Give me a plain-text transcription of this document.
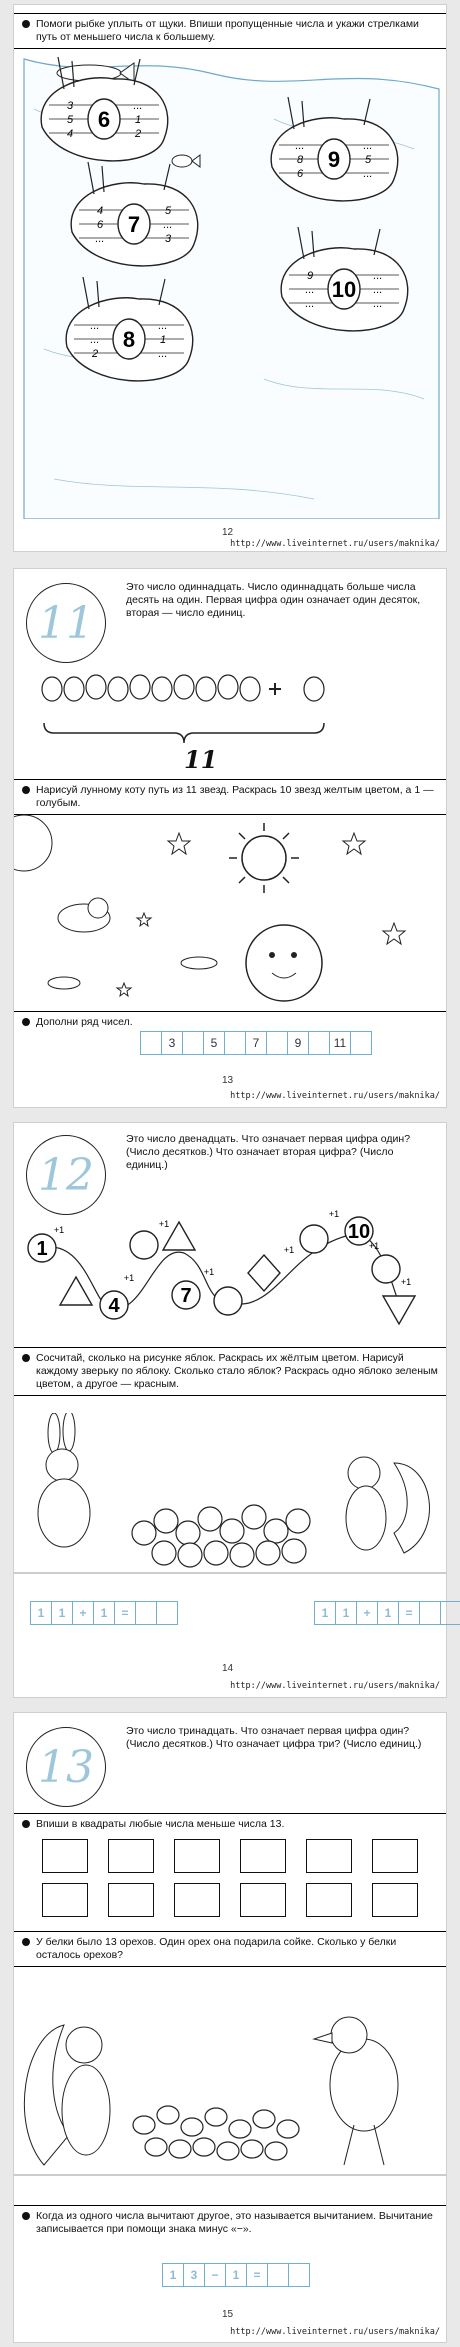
Помоги рыбке уплыть от щуки. Впиши пропущенные числа и укажи стрелками путь от меньшего числа к большему.
6
3
5
4
...
1
2
9
...
8
6
...
5
...
7
4
6
...
5
...
3
10
9
...
...
...
...
...
8
...
...
2
...
1
...
12
http://www.liveinternet.ru/users/maknika/
11
Это число одиннадцать. Число одиннадцать больше числа десять на один. Первая цифра один означает один десяток, вторая — число единиц.
11
Нарисуй лунному коту путь из 11 звезд. Раскрась 10 звезд желтым цветом, а 1 — голубым.
Дополни ряд чисел.
3	5	7	9	11
13
http://www.liveinternet.ru/users/maknika/
12
Это число двенадцать. Что означает первая цифра один? (Число десятков.) Что означает вторая цифра? (Число единиц.)
1
4	7
10
+1
+1
+1
+1
+1
+1
+1
+1
Сосчитай, сколько на рисунке яблок. Раскрась их жёлтым цветом. Нарисуй каждому зверьку по яблоку. Сколько стало яблок? Раскрась одно яблоко зеленым цветом, а другое — красным.
1	1	+	1	=	1	1	+	1	=
14
http://www.liveinternet.ru/users/maknika/
13
Это число тринадцать. Что означает первая цифра один? (Число десятков.) Что означает цифра три? (Число единиц.)
Впиши в квадраты любые числа меньше числа 13.
У белки было 13 орехов. Один орех она подарила сойке. Сколько у белки осталось орехов?
Когда из одного числа вычитают другое, это называется вычитанием. Вычитание записывается при помощи знака минус «−».
1	3	−	1	=
15
http://www.liveinternet.ru/users/maknika/
